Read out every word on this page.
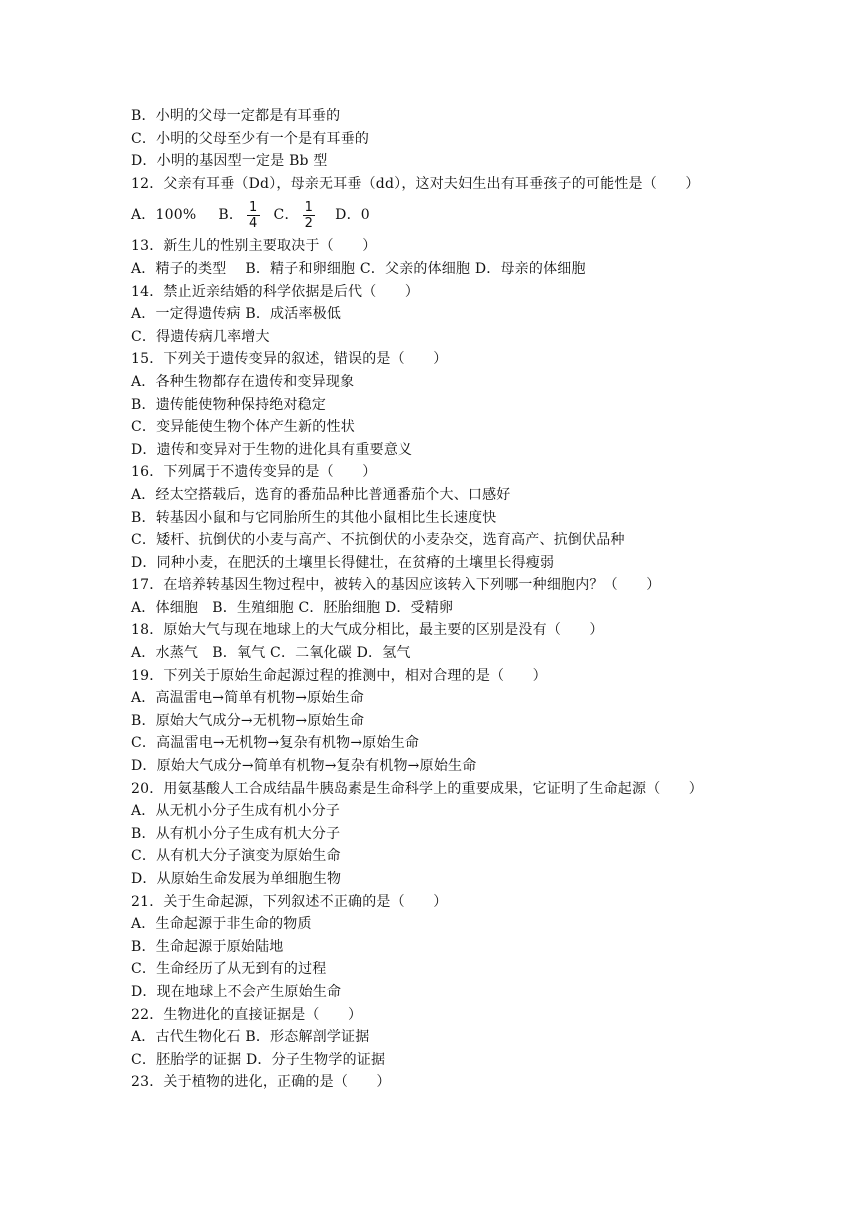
B．小明的父母一定都是有耳垂的
C．小明的父母至少有一个是有耳垂的
D．小明的基因型一定是 Bb 型
12．父亲有耳垂（Dd），母亲无耳垂（dd），这对夫妇生出有耳垂孩子的可能性是（　　）
A．100% B． $\frac{1}{4}$ C． $\frac{1}{2}$ D．0
13．新生儿的性别主要取决于（　　）
A．精子的类型　 B．精子和卵细胞 C．父亲的体细胞 D．母亲的体细胞
14．禁止近亲结婚的科学依据是后代（　　）
A．一定得遗传病 B．成活率极低
C．得遗传病几率增大
15．下列关于遗传变异的叙述，错误的是（　　）
A．各种生物都存在遗传和变异现象
B．遗传能使物种保持绝对稳定
C．变异能使生物个体产生新的性状
D．遗传和变异对于生物的进化具有重要意义
16．下列属于不遗传变异的是（　　）
A．经太空搭载后，选育的番茄品种比普通番茄个大、口感好
B．转基因小鼠和与它同胎所生的其他小鼠相比生长速度快
C．矮杆、抗倒伏的小麦与高产、不抗倒伏的小麦杂交，选育高产、抗倒伏品种
D．同种小麦，在肥沃的土壤里长得健壮，在贫瘠的土壤里长得瘦弱
17．在培养转基因生物过程中，被转入的基因应该转入下列哪一种细胞内？（　　）
A．体细胞　B．生殖细胞 C．胚胎细胞 D．受精卵
18．原始大气与现在地球上的大气成分相比，最主要的区别是没有（　　）
A．水蒸气　B．氧气 C．二氧化碳 D．氢气
19．下列关于原始生命起源过程的推测中，相对合理的是（　　）
A．高温雷电→简单有机物→原始生命
B．原始大气成分→无机物→原始生命
C．高温雷电→无机物→复杂有机物→原始生命
D．原始大气成分→简单有机物→复杂有机物→原始生命
20．用氨基酸人工合成结晶牛胰岛素是生命科学上的重要成果，它证明了生命起源（　　）
A．从无机小分子生成有机小分子
B．从有机小分子生成有机大分子
C．从有机大分子演变为原始生命
D．从原始生命发展为单细胞生物
21．关于生命起源，下列叙述不正确的是（　　）
A．生命起源于非生命的物质
B．生命起源于原始陆地
C．生命经历了从无到有的过程
D．现在地球上不会产生原始生命
22．生物进化的直接证据是（　　）
A．古代生物化石 B．形态解剖学证据
C．胚胎学的证据 D．分子生物学的证据
23．关于植物的进化，正确的是（　　）
